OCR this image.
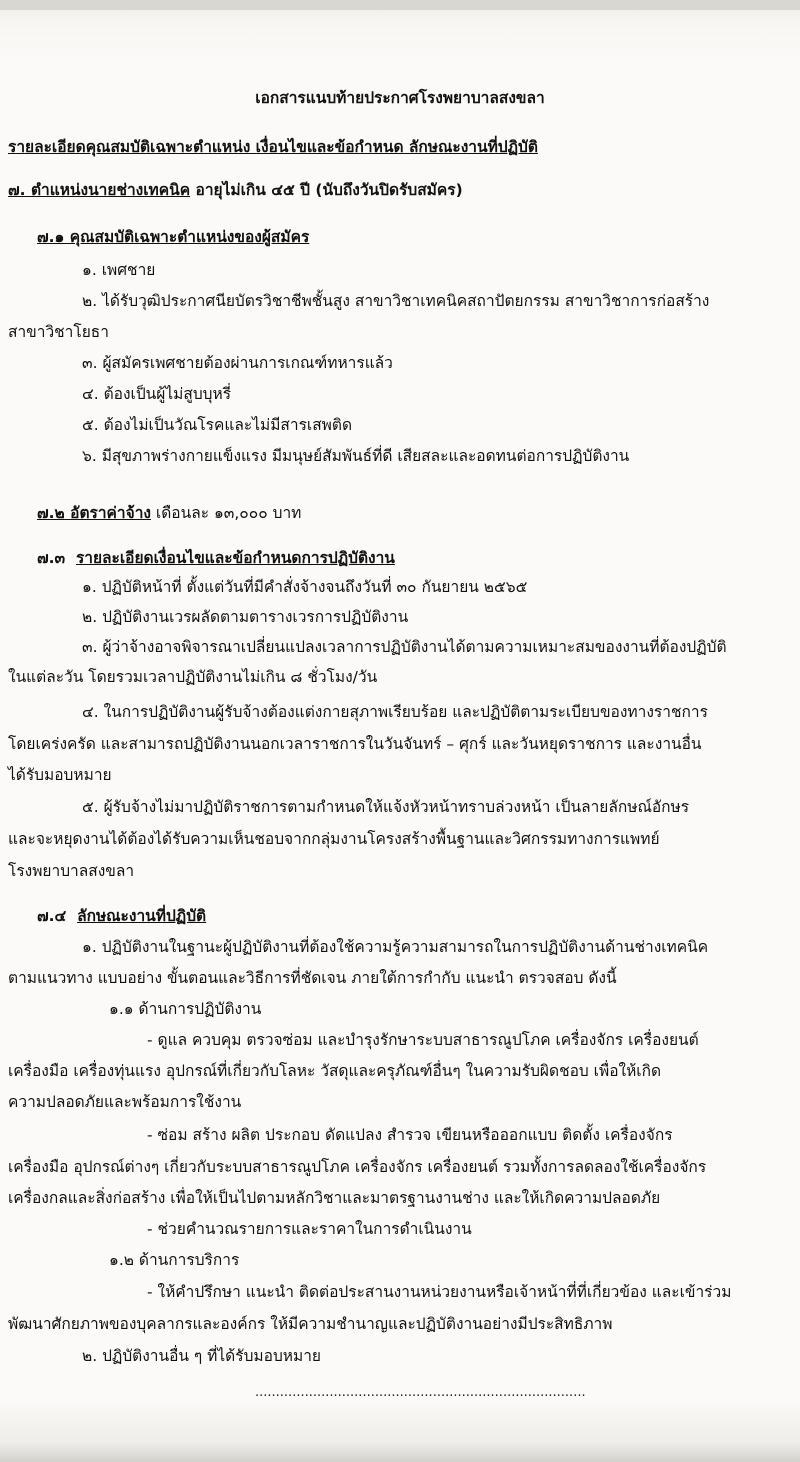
เอกสารแนบท้ายประกาศโรงพยาบาลสงขลา
รายละเอียดคุณสมบัติเฉพาะตำแหน่ง เงื่อนไขและข้อกำหนด ลักษณะงานที่ปฏิบัติ
๗. ตำแหน่งนายช่างเทคนิค อายุไม่เกิน ๔๕ ปี (นับถึงวันปิดรับสมัคร)
๗.๑ คุณสมบัติเฉพาะตำแหน่งของผู้สมัคร
๑. เพศชาย
๒. ได้รับวุฒิประกาศนียบัตรวิชาชีพชั้นสูง สาขาวิชาเทคนิคสถาปัตยกรรม สาขาวิชาการก่อสร้าง
สาขาวิชาโยธา
๓. ผู้สมัครเพศชายต้องผ่านการเกณฑ์ทหารแล้ว
๔. ต้องเป็นผู้ไม่สูบบุหรี่
๕. ต้องไม่เป็นวัณโรคและไม่มีสารเสพติด
๖. มีสุขภาพร่างกายแข็งแรง มีมนุษย์สัมพันธ์ที่ดี เสียสละและอดทนต่อการปฏิบัติงาน
๗.๒ อัตราค่าจ้าง เดือนละ ๑๓,๐๐๐ บาท
๗.๓ รายละเอียดเงื่อนไขและข้อกำหนดการปฏิบัติงาน
๑. ปฏิบัติหน้าที่ ตั้งแต่วันที่มีคำสั่งจ้างจนถึงวันที่ ๓๐ กันยายน ๒๕๖๕
๒. ปฏิบัติงานเวรผลัดตามตารางเวรการปฏิบัติงาน
๓. ผู้ว่าจ้างอาจพิจารณาเปลี่ยนแปลงเวลาการปฏิบัติงานได้ตามความเหมาะสมของงานที่ต้องปฏิบัติ
ในแต่ละวัน โดยรวมเวลาปฏิบัติงานไม่เกิน ๘ ชั่วโมง/วัน
๔. ในการปฏิบัติงานผู้รับจ้างต้องแต่งกายสุภาพเรียบร้อย และปฏิบัติตามระเบียบของทางราชการ
โดยเคร่งครัด และสามารถปฏิบัติงานนอกเวลาราชการในวันจันทร์ – ศุกร์ และวันหยุดราชการ และงานอื่น
ได้รับมอบหมาย
๕. ผู้รับจ้างไม่มาปฏิบัติราชการตามกำหนดให้แจ้งหัวหน้าทราบล่วงหน้า เป็นลายลักษณ์อักษร
และจะหยุดงานได้ต้องได้รับความเห็นชอบจากกลุ่มงานโครงสร้างพื้นฐานและวิศกรรมทางการแพทย์
โรงพยาบาลสงขลา
๗.๔ ลักษณะงานที่ปฏิบัติ
๑. ปฏิบัติงานในฐานะผู้ปฏิบัติงานที่ต้องใช้ความรู้ความสามารถในการปฏิบัติงานด้านช่างเทคนิค
ตามแนวทาง แบบอย่าง ขั้นตอนและวิธีการที่ชัดเจน ภายใต้การกำกับ แนะนำ ตรวจสอบ ดังนี้
๑.๑ ด้านการปฏิบัติงาน
- ดูแล ควบคุม ตรวจซ่อม และบำรุงรักษาระบบสาธารณูปโภค เครื่องจักร เครื่องยนต์
เครื่องมือ เครื่องทุ่นแรง อุปกรณ์ที่เกี่ยวกับโลหะ วัสดุและครุภัณฑ์อื่นๆ ในความรับผิดชอบ เพื่อให้เกิด
ความปลอดภัยและพร้อมการใช้งาน
- ซ่อม สร้าง ผลิต ประกอบ ดัดแปลง สำรวจ เขียนหรือออกแบบ ติดตั้ง เครื่องจักร
เครื่องมือ อุปกรณ์ต่างๆ เกี่ยวกับระบบสาธารณูปโภค เครื่องจักร เครื่องยนต์ รวมทั้งการลดลองใช้เครื่องจักร
เครื่องกลและสิ่งก่อสร้าง เพื่อให้เป็นไปตามหลักวิชาและมาตรฐานงานช่าง และให้เกิดความปลอดภัย
- ช่วยคำนวณรายการและราคาในการดำเนินงาน
๑.๒ ด้านการบริการ
- ให้คำปรึกษา แนะนำ ติดต่อประสานงานหน่วยงานหรือเจ้าหน้าที่ที่เกี่ยวข้อง และเข้าร่วม
พัฒนาศักยภาพของบุคลากรและองค์กร ให้มีความชำนาญและปฏิบัติงานอย่างมีประสิทธิภาพ
๒. ปฏิบัติงานอื่น ๆ ที่ได้รับมอบหมาย
................................................................................
